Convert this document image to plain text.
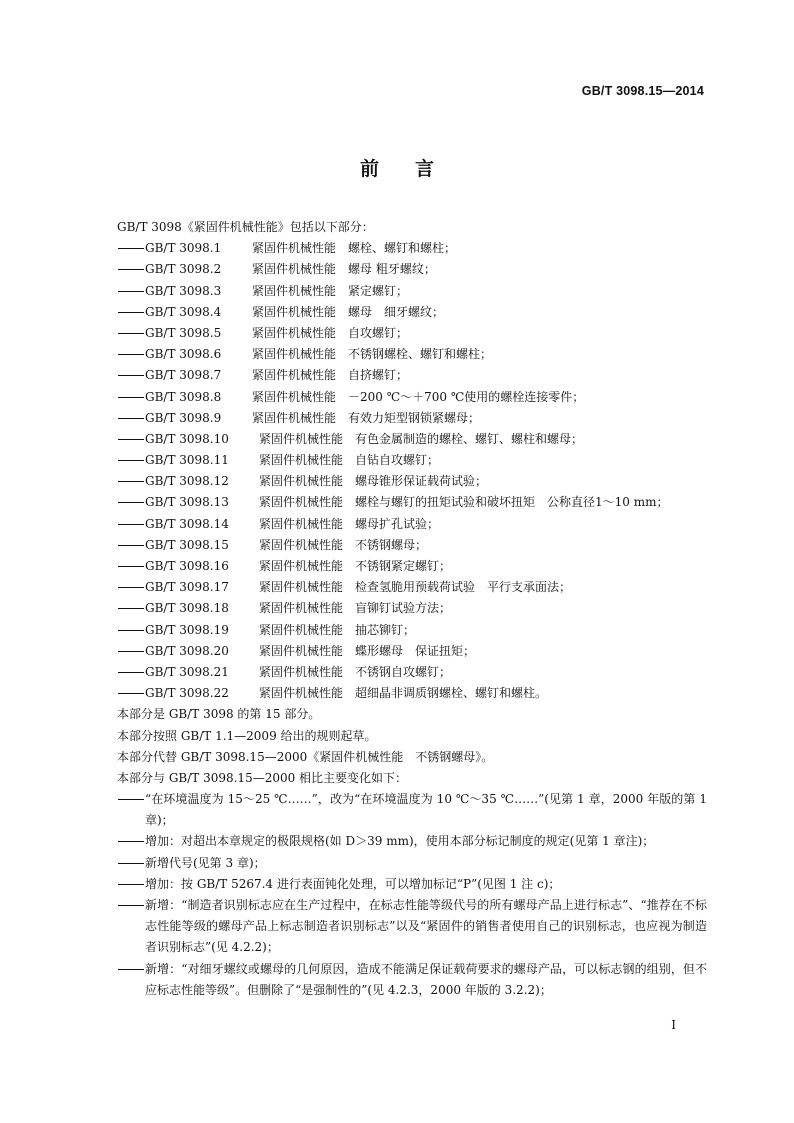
GB/T 3098.15—2014
前言
GB/T 3098《紧固件机械性能》包括以下部分：
GB/T 3098.1	紧固件机械性能 螺栓、螺钉和螺柱；
GB/T 3098.2	紧固件机械性能 螺母 粗牙螺纹；
GB/T 3098.3	紧固件机械性能 紧定螺钉；
GB/T 3098.4	紧固件机械性能 螺母　细牙螺纹；
GB/T 3098.5	紧固件机械性能 自攻螺钉；
GB/T 3098.6	紧固件机械性能 不锈钢螺栓、螺钉和螺柱；
GB/T 3098.7	紧固件机械性能 自挤螺钉；
GB/T 3098.8	紧固件机械性能 －200 ℃～＋700 ℃使用的螺栓连接零件；
GB/T 3098.9	紧固件机械性能 有效力矩型钢锁紧螺母；
GB/T 3098.10	紧固件机械性能 有色金属制造的螺栓、螺钉、螺柱和螺母；
GB/T 3098.11	紧固件机械性能 自钻自攻螺钉；
GB/T 3098.12	紧固件机械性能 螺母锥形保证载荷试验；
GB/T 3098.13	紧固件机械性能 螺栓与螺钉的扭矩试验和破坏扭矩　公称直径1～10 mm；
GB/T 3098.14	紧固件机械性能 螺母扩孔试验；
GB/T 3098.15	紧固件机械性能 不锈钢螺母；
GB/T 3098.16	紧固件机械性能 不锈钢紧定螺钉；
GB/T 3098.17	紧固件机械性能 检查氢脆用预载荷试验　平行支承面法；
GB/T 3098.18	紧固件机械性能 盲铆钉试验方法；
GB/T 3098.19	紧固件机械性能 抽芯铆钉；
GB/T 3098.20	紧固件机械性能 蝶形螺母　保证扭矩；
GB/T 3098.21	紧固件机械性能 不锈钢自攻螺钉；
GB/T 3098.22	紧固件机械性能 超细晶非调质钢螺栓、螺钉和螺柱。
本部分是 GB/T 3098 的第 15 部分。
本部分按照 GB/T 1.1—2009 给出的规则起草。
本部分代替 GB/T 3098.15—2000《紧固件机械性能　不锈钢螺母》。
本部分与 GB/T 3098.15—2000 相比主要变化如下：
“在环境温度为 15～25 ℃……”，改为“在环境温度为 10 ℃～35 ℃……”(见第 1 章，2000 年版的第 1 章)；
增加：对超出本章规定的极限规格(如 D＞39 mm)，使用本部分标记制度的规定(见第 1 章注)；
新增代号(见第 3 章)；
增加：按 GB/T 5267.4 进行表面钝化处理，可以增加标记“P”(见图 1 注 c)；
新增：“制造者识别标志应在生产过程中，在标志性能等级代号的所有螺母产品上进行标志”、“推荐在不标志性能等级的螺母产品上标志制造者识别标志”以及“紧固件的销售者使用自己的识别标志，也应视为制造者识别标志”(见 4.2.2)；
新增：“对细牙螺纹或螺母的几何原因，造成不能满足保证载荷要求的螺母产品，可以标志钢的组别，但不应标志性能等级”。但删除了“是强制性的”(见 4.2.3，2000 年版的 3.2.2)；
I
